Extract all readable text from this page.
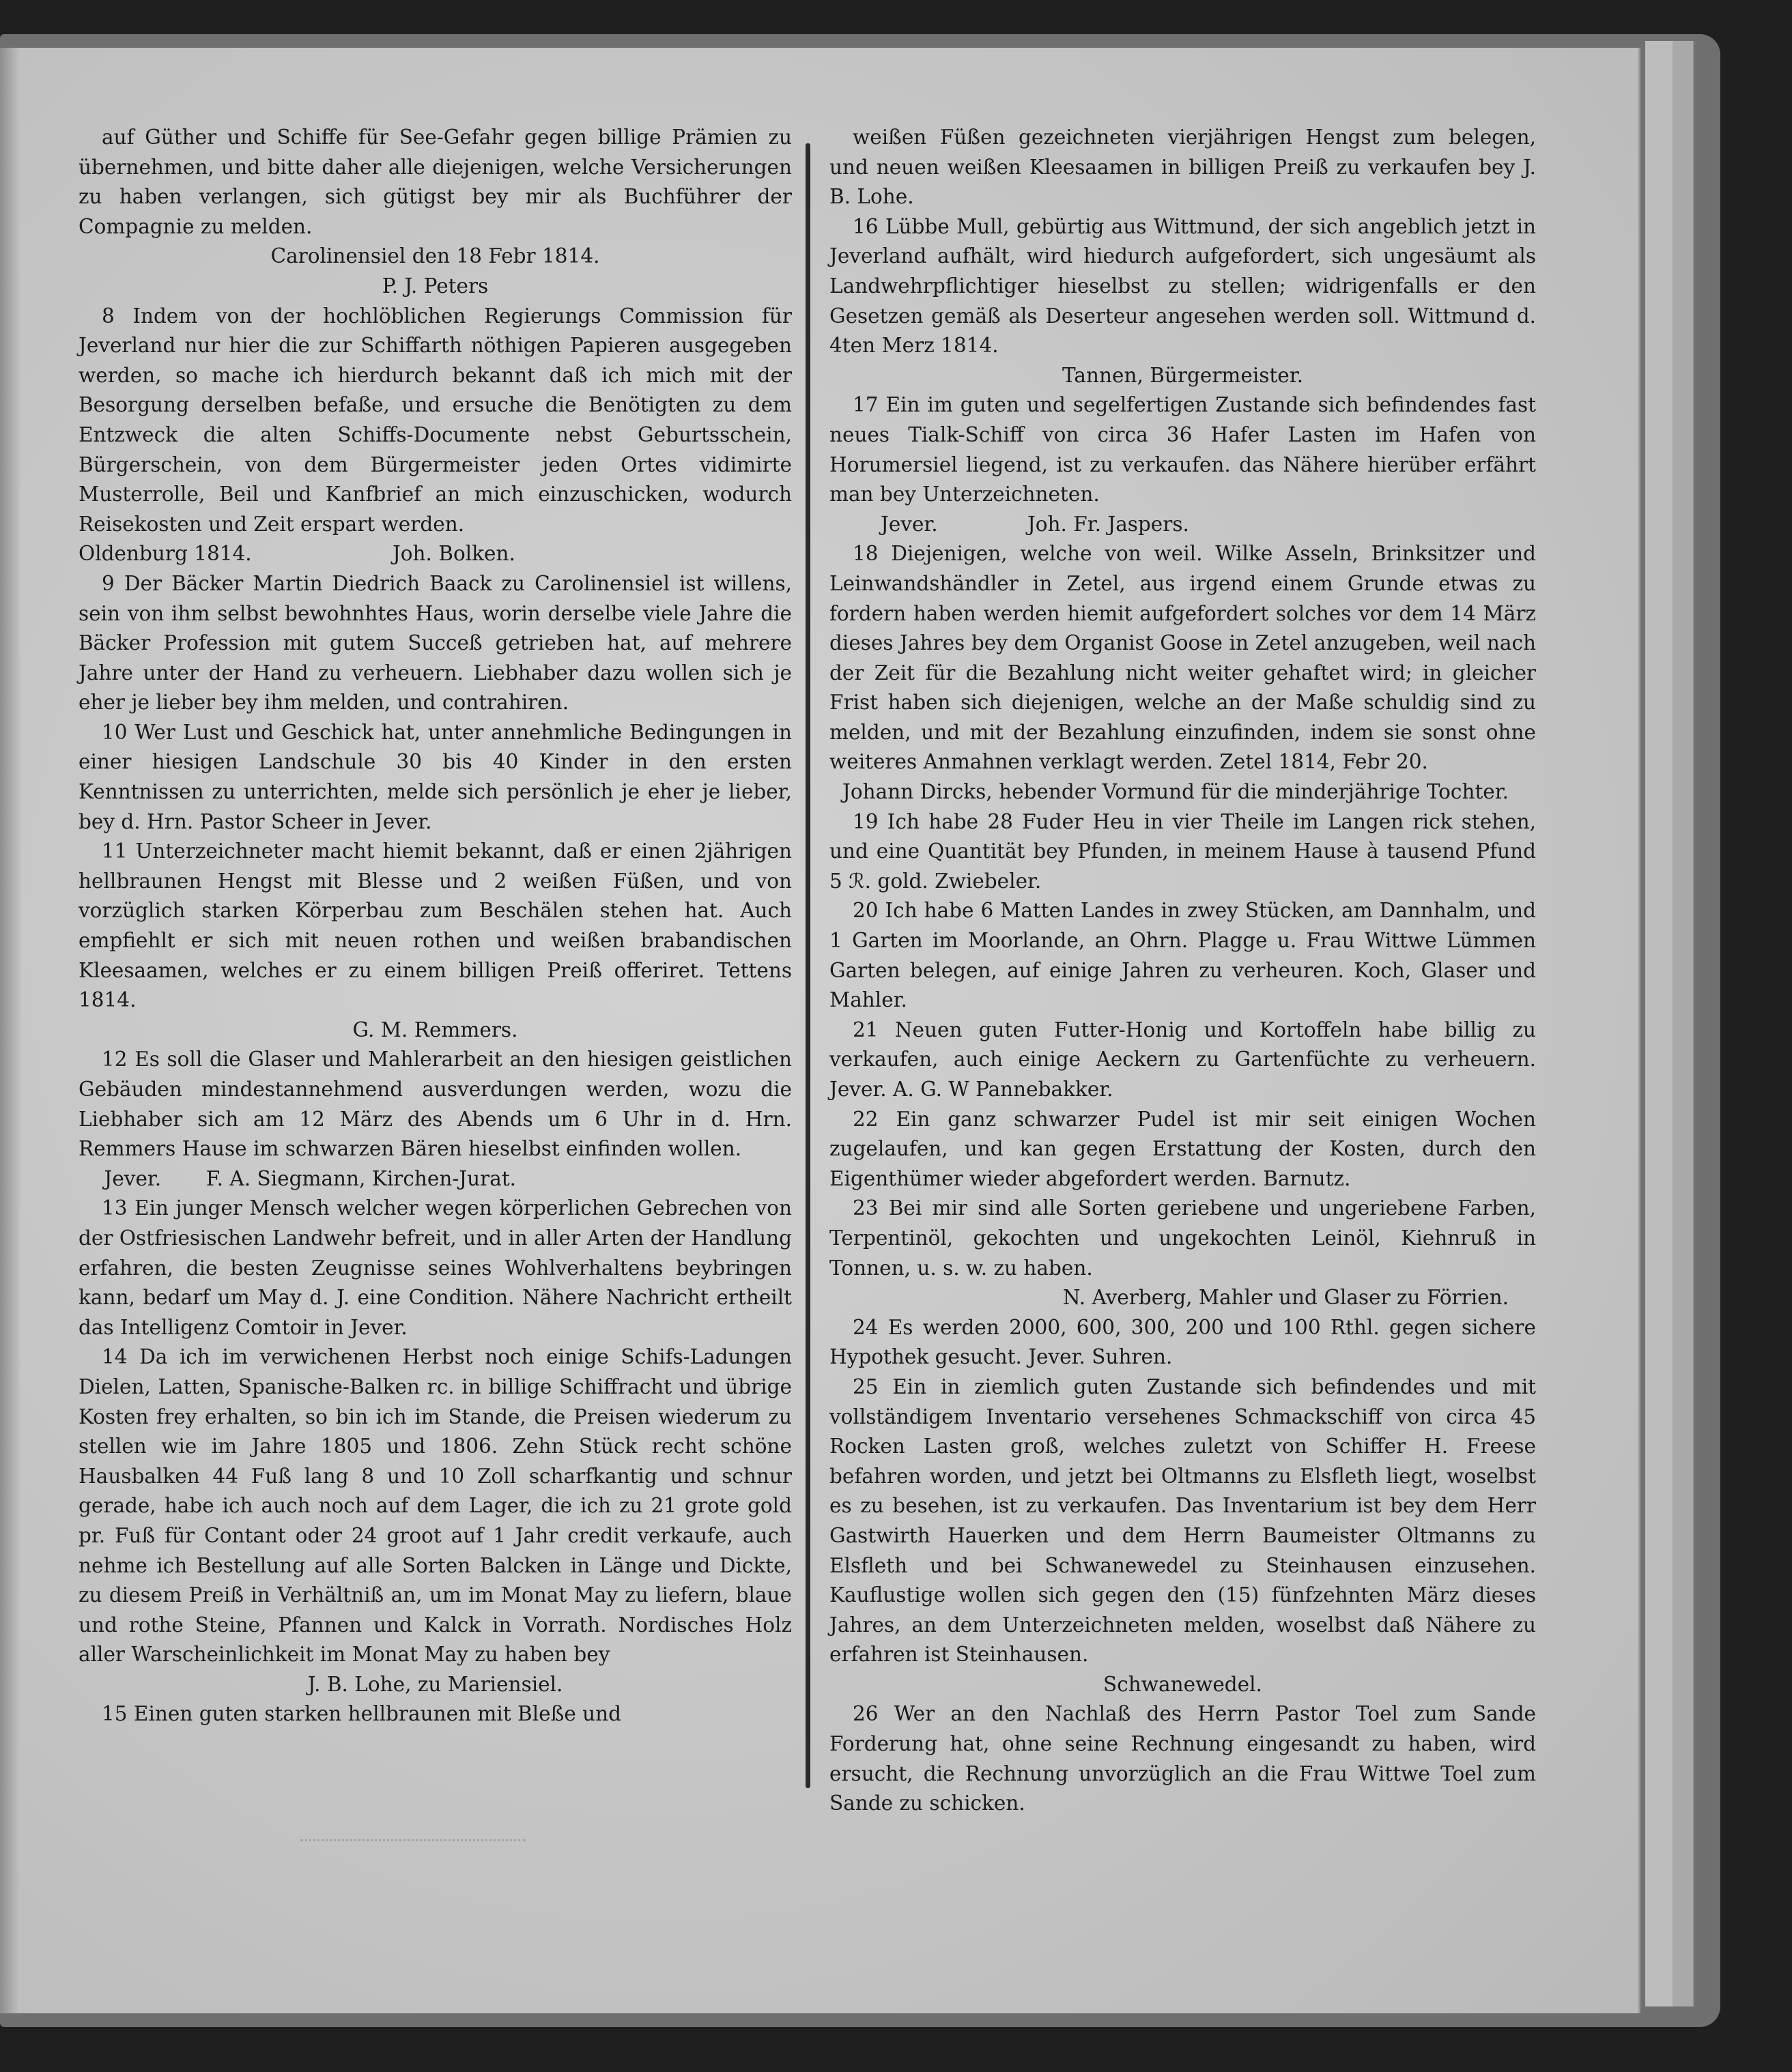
auf Güther und Schiffe für See-Gefahr gegen billige Prämien zu übernehmen, und bitte daher alle diejenigen, welche Versicherungen zu haben verlangen, sich gütigst bey mir als Buchführer der Compagnie zu melden.

Carolinensiel den 18 Febr 1814.

P. J. Peters

8 Indem von der hochlöblichen Regierungs Commission für Jeverland nur hier die zur Schiffarth nöthigen Papieren ausgegeben werden, so mache ich hierdurch bekannt daß ich mich mit der Besorgung derselben befaße, und ersuche die Benötigten zu dem Entzweck die alten Schiffs-Documente nebst Geburtsschein, Bürgerschein, von dem Bürgermeister jeden Ortes vidimirte Musterrolle, Beil und Kanfbrief an mich einzuschicken, wodurch Reisekosten und Zeit erspart werden.

Oldenburg 1814.                      Joh. Bolken.

9 Der Bäcker Martin Diedrich Baack zu Carolinensiel ist willens, sein von ihm selbst bewohnhtes Haus, worin derselbe viele Jahre die Bäcker Profession mit gutem Succeß getrieben hat, auf mehrere Jahre unter der Hand zu verheuern. Liebhaber dazu wollen sich je eher je lieber bey ihm melden, und contrahiren.

10 Wer Lust und Geschick hat, unter annehmliche Bedingungen in einer hiesigen Landschule 30 bis 40 Kinder in den ersten Kenntnissen zu unterrichten, melde sich persönlich je eher je lieber, bey d. Hrn. Pastor Scheer in Jever.

11 Unterzeichneter macht hiemit bekannt, daß er einen 2jährigen hellbraunen Hengst mit Blesse und 2 weißen Füßen, und von vorzüglich starken Körperbau zum Beschälen stehen hat. Auch empfiehlt er sich mit neuen rothen und weißen brabandischen Kleesaamen, welches er zu einem billigen Preiß offeriret. Tettens 1814.

G. M. Remmers.

12 Es soll die Glaser und Mahlerarbeit an den hiesigen geistlichen Gebäuden mindestannehmend ausverdungen werden, wozu die Liebhaber sich am 12 März des Abends um 6 Uhr in d. Hrn. Remmers Hause im schwarzen Bären hieselbst einfinden wollen.

Jever.       F. A. Siegmann, Kirchen-Jurat.

13 Ein junger Mensch welcher wegen körperlichen Gebrechen von der Ostfriesischen Landwehr befreit, und in aller Arten der Handlung erfahren, die besten Zeugnisse seines Wohlverhaltens beybringen kann, bedarf um May d. J. eine Condition. Nähere Nachricht ertheilt das Intelligenz Comtoir in Jever.

14 Da ich im verwichenen Herbst noch einige Schifs-Ladungen Dielen, Latten, Spanische-Balken rc. in billige Schiffracht und übrige Kosten frey erhalten, so bin ich im Stande, die Preisen wiederum zu stellen wie im Jahre 1805 und 1806. Zehn Stück recht schöne Hausbalken 44 Fuß lang 8 und 10 Zoll scharfkantig und schnur gerade, habe ich auch noch auf dem Lager, die ich zu 21 grote gold pr. Fuß für Contant oder 24 groot auf 1 Jahr credit verkaufe, auch nehme ich Bestellung auf alle Sorten Balcken in Länge und Dickte, zu diesem Preiß in Verhältniß an, um im Monat May zu liefern, blaue und rothe Steine, Pfannen und Kalck in Vorrath. Nordisches Holz aller Warscheinlichkeit im Monat May zu haben bey

J. B. Lohe, zu Mariensiel.

15 Einen guten starken hellbraunen mit Bleße und

weißen Füßen gezeichneten vierjährigen Hengst zum belegen, und neuen weißen Kleesaamen in billigen Preiß zu verkaufen bey J. B. Lohe.

16 Lübbe Mull, gebürtig aus Wittmund, der sich angeblich jetzt in Jeverland aufhält, wird hiedurch aufgefordert, sich ungesäumt als Landwehrpflichtiger hieselbst zu stellen; widrigenfalls er den Gesetzen gemäß als Deserteur angesehen werden soll. Wittmund d. 4ten Merz 1814.

Tannen, Bürgermeister.

17 Ein im guten und segelfertigen Zustande sich befindendes fast neues Tialk-Schiff von circa 36 Hafer Lasten im Hafen von Horumersiel liegend, ist zu verkaufen. das Nähere hierüber erfährt man bey Unterzeichneten.

Jever.              Joh. Fr. Jaspers.

18 Diejenigen, welche von weil. Wilke Asseln, Brinksitzer und Leinwandshändler in Zetel, aus irgend einem Grunde etwas zu fordern haben werden hiemit aufgefordert solches vor dem 14 März dieses Jahres bey dem Organist Goose in Zetel anzugeben, weil nach der Zeit für die Bezahlung nicht weiter gehaftet wird; in gleicher Frist haben sich diejenigen, welche an der Maße schuldig sind zu melden, und mit der Bezahlung einzufinden, indem sie sonst ohne weiteres Anmahnen verklagt werden. Zetel 1814, Febr 20.

Johann Dircks, hebender Vormund für die minderjährige Tochter.

19 Ich habe 28 Fuder Heu in vier Theile im Langen rick stehen, und eine Quantität bey Pfunden, in meinem Hause à tausend Pfund 5 ℛ. gold. Zwiebeler.

20 Ich habe 6 Matten Landes in zwey Stücken, am Dannhalm, und 1 Garten im Moorlande, an Ohrn. Plagge u. Frau Wittwe Lümmen Garten belegen, auf einige Jahren zu verheuren. Koch, Glaser und Mahler.

21 Neuen guten Futter-Honig und Kortoffeln habe billig zu verkaufen, auch einige Aeckern zu Gartenfüchte zu verheuern. Jever. A. G. W Pannebakker.

22 Ein ganz schwarzer Pudel ist mir seit einigen Wochen zugelaufen, und kan gegen Erstattung der Kosten, durch den Eigenthümer wieder abgefordert werden. Barnutz.

23 Bei mir sind alle Sorten geriebene und ungeriebene Farben, Terpentinöl, gekochten und ungekochten Leinöl, Kiehnruß in Tonnen, u. s. w. zu haben.

N. Averberg, Mahler und Glaser zu Förrien.

24 Es werden 2000, 600, 300, 200 und 100 Rthl. gegen sichere Hypothek gesucht. Jever. Suhren.

25 Ein in ziemlich guten Zustande sich befindendes und mit vollständigem Inventario versehenes Schmackschiff von circa 45 Rocken Lasten groß, welches zuletzt von Schiffer H. Freese befahren worden, und jetzt bei Oltmanns zu Elsfleth liegt, woselbst es zu besehen, ist zu verkaufen. Das Inventarium ist bey dem Herr Gastwirth Hauerken und dem Herrn Baumeister Oltmanns zu Elsfleth und bei Schwanewedel zu Steinhausen einzusehen. Kauflustige wollen sich gegen den (15) fünfzehnten März dieses Jahres, an dem Unterzeichneten melden, woselbst daß Nähere zu erfahren ist Steinhausen.

Schwanewedel.

26 Wer an den Nachlaß des Herrn Pastor Toel zum Sande Forderung hat, ohne seine Rechnung eingesandt zu haben, wird ersucht, die Rechnung unvorzüglich an die Frau Wittwe Toel zum Sande zu schicken.
